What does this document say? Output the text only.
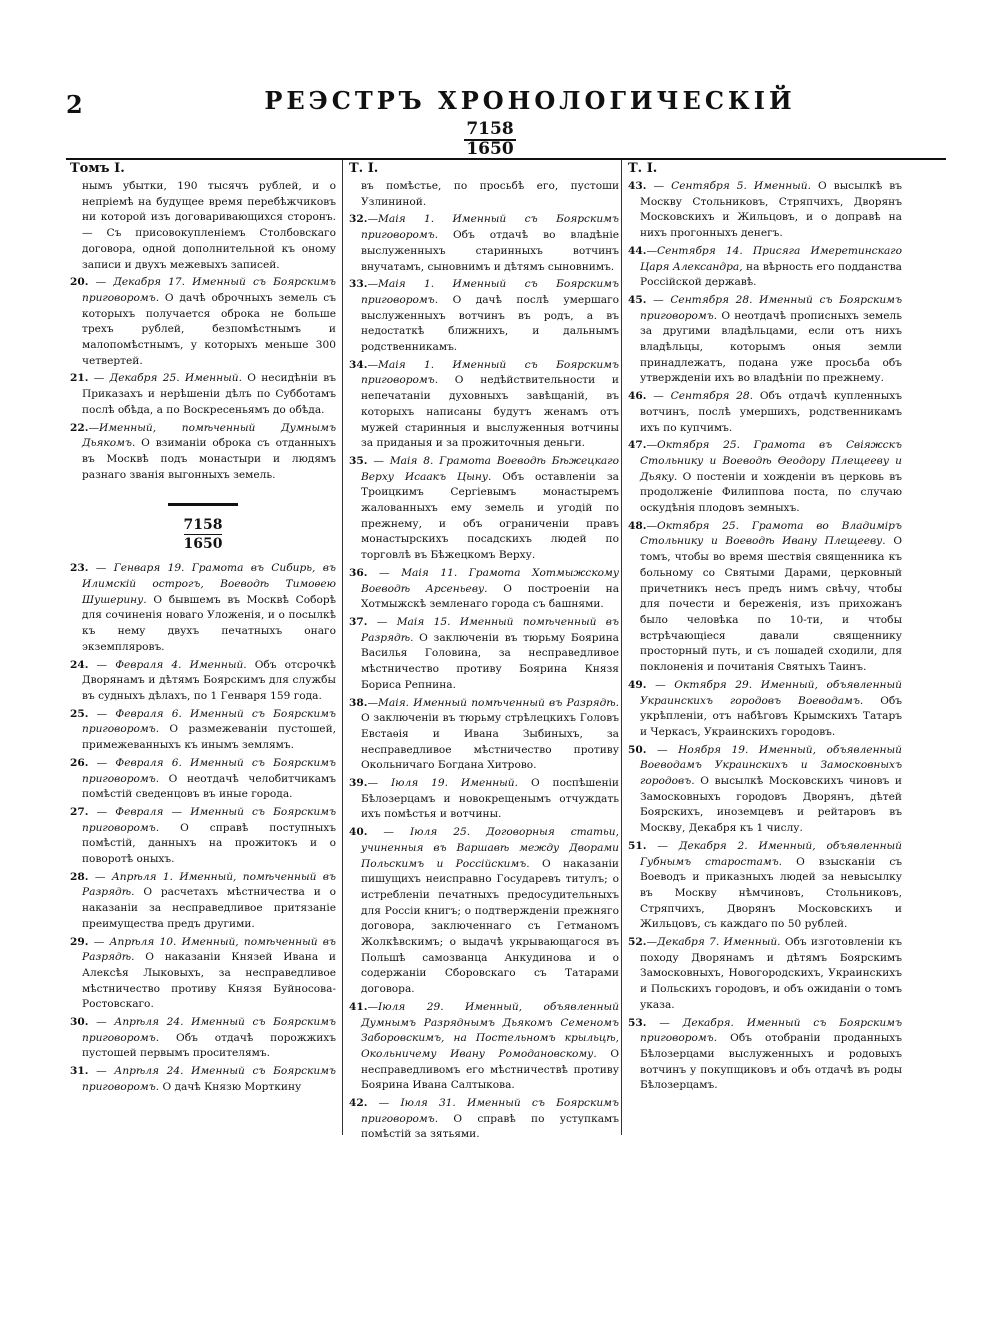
2	РЕЭСТРЪ ХРОНОЛОГИЧЕСКІЙ
7158
1650
Томъ I.

нымъ убытки, 190 тысячъ рублей, и о непріемѣ на будущее время перебѣжчиковъ ни которой изъ договаривающихся сторонъ. — Съ присовокупленіемъ Столбовскаго договора, одной дополнительной къ оному записи и двухъ межевыхъ записей.

20. — Декабря 17. Именный съ Боярскимъ приговоромъ. О дачѣ оброчныхъ земель съ которыхъ получается оброка не больше трехъ рублей, безпомѣстнымъ и малопомѣстнымъ, у которыхъ меньше 300 четвертей.

21. — Декабря 25. Именный. О несидѣніи въ Приказахъ и нерѣшеніи дѣлъ по Субботамъ послѣ обѣда, а по Воскресеньямъ до обѣда.

22.—Именный, помѣченный Думнымъ Дьякомъ. О взиманіи оброка съ отданныхъ въ Москвѣ подъ монастыри и людямъ разнаго званія выгонныхъ земель.

7158
1650

23. — Генваря 19. Грамота въ Сибирь, въ Илимскій острогъ, Воеводѣ Тимоѳею Шушерину. О бывшемъ въ Москвѣ Соборѣ для сочиненія новаго Уложенія, и о посылкѣ къ нему двухъ печатныхъ онаго экземпляровъ.

24. — Февраля 4. Именный. Объ отсрочкѣ Дворянамъ и дѣтямъ Боярскимъ для службы въ судныхъ дѣлахъ, по 1 Генваря 159 года.

25. — Февраля 6. Именный съ Боярскимъ приговоромъ. О размежеваніи пустошей, примежеванныхъ къ инымъ землямъ.

26. — Февраля 6. Именный съ Боярскимъ приговоромъ. О неотдачѣ челобитчикамъ помѣстій сведенцовъ въ иные города.

27. — Февраля — Именный съ Боярскимъ приговоромъ. О справѣ поступныхъ помѣстій, данныхъ на прожитокъ и о поворотѣ оныхъ.

28. — Апрѣля 1. Именный, помѣченный въ Разрядѣ. О расчетахъ мѣстничества и о наказаніи за несправедливое притязаніе преимущества предъ другими.

29. — Апрѣля 10. Именный, помѣченный въ Разрядѣ. О наказаніи Князей Ивана и Алексѣя Лыковыхъ, за несправедливое мѣстничество противу Князя Буйносова-Ростовскаго.

30. — Апрѣля 24. Именный съ Боярскимъ приговоромъ. Объ отдачѣ порожжихъ пустошей первымъ просителямъ.

31. — Апрѣля 24. Именный съ Боярскимъ приговоромъ. О дачѣ Князю Морткину

Т. I.

въ помѣстье, по просьбѣ его, пустоши Узлининой.

32.—Маія 1. Именный съ Боярскимъ приговоромъ. Объ отдачѣ во владѣніе выслуженныхъ старинныхъ вотчинъ внучатамъ, сыновнимъ и дѣтямъ сыновнимъ.

33.—Маія 1. Именный съ Боярскимъ приговоромъ. О дачѣ послѣ умершаго выслуженныхъ вотчинъ въ родъ, а въ недостаткѣ ближнихъ, и дальнымъ родственникамъ.

34.—Маія 1. Именный съ Боярскимъ приговоромъ. О недѣйствительности и непечатаніи духовныхъ завѣщаній, въ которыхъ написаны будутъ женамъ отъ мужей старинныя и выслуженныя вотчины за приданыя и за прожиточныя деньги.

35. — Маія 8. Грамота Воеводѣ Бѣжецкаго Верху Исаакъ Цыну. Объ оставленіи за Троицкимъ Сергіевымъ монастыремъ жалованныхъ ему земель и угодій по прежнему, и объ ограниченіи правъ монастырскихъ посадскихъ людей по торговлѣ въ Бѣжецкомъ Верху.

36. — Маія 11. Грамота Хотмыжскому Воеводѣ Арсеньеву. О построеніи на Хотмыжскѣ земленаго города съ башнями.

37. — Маія 15. Именный помѣченный въ Разрядѣ. О заключеніи въ тюрьму Боярина Василья Головина, за несправедливое мѣстничество противу Боярина Князя Бориса Репнина.

38.—Маія. Именный помѣченный въ Разрядѣ. О заключеніи въ тюрьму стрѣлецкихъ Головъ Евстаѳія и Ивана Зыбиныхъ, за несправедливое мѣстничество противу Окольничаго Богдана Хитрово.

39.— Іюля 19. Именный. О поспѣшеніи Бѣлозерцамъ и новокрещенымъ отчуждать ихъ помѣстья и вотчины.

40. — Іюля 25. Договорныя статьи, учиненныя въ Варшавѣ между Дворами Польскимъ и Россійскимъ. О наказаніи пишущихъ неисправно Государевъ титулъ; о истребленіи печатныхъ предосудительныхъ для Россіи книгъ; о подтвержденіи прежняго договора, заключеннаго съ Гетманомъ Жолкѣвскимъ; о выдачѣ укрывающагося въ Польшѣ самозванца Анкудинова и о содержаніи Сборовскаго съ Татарами договора.

41.—Іюля 29. Именный, объявленный Думнымъ Разряднымъ Дьякомъ Семеномъ Заборовскимъ, на Постельномъ крыльцѣ, Окольничему Ивану Ромодановскому. О несправедливомъ его мѣстничествѣ противу Боярина Ивана Салтыкова.

42. — Іюля 31. Именный съ Боярскимъ приговоромъ. О справѣ по уступкамъ помѣстій за зятьями.

Т. I.

43. — Сентября 5. Именный. О высылкѣ въ Москву Стольниковъ, Стряпчихъ, Дворянъ Московскихъ и Жильцовъ, и о доправѣ на нихъ прогонныхъ денегъ.

44.—Сентября 14. Присяга Имеретинскаго Царя Александра, на вѣрность его подданства Россійской державѣ.

45. — Сентября 28. Именный съ Боярскимъ приговоромъ. О неотдачѣ прописныхъ земель за другими владѣльцами, если отъ нихъ владѣльцы, которымъ оныя земли принадлежатъ, подана уже просьба объ утвержденіи ихъ во владѣніи по прежнему.

46. — Сентября 28. Объ отдачѣ купленныхъ вотчинъ, послѣ умершихъ, родственникамъ ихъ по купчимъ.

47.—Октября 25. Грамота въ Свіяжскъ Стольнику и Воеводѣ Ѳеодору Плещееву и Дьяку. О постеніи и хожденіи въ церковь въ продолженіе Филиппова поста, по случаю оскудѣнія плодовъ земныхъ.

48.—Октября 25. Грамота во Владиміръ Стольнику и Воеводѣ Ивану Плещееву. О томъ, чтобы во время шествія священника къ больному со Святыми Дарами, церковный причетникъ несъ предъ нимъ свѣчу, чтобы для почести и береженія, изъ прихожанъ было человѣка по 10-ти, и чтобы встрѣчающіеся давали священнику просторный путь, и съ лошадей сходили, для поклоненія и почитанія Святыхъ Таинъ.

49. — Октября 29. Именный, объявленный Украинскихъ городовъ Воеводамъ. Объ укрѣпленіи, отъ набѣговъ Крымскихъ Татаръ и Черкасъ, Украинскихъ городовъ.

50. — Ноября 19. Именный, объявленный Воеводамъ Украинскихъ и Замосковныхъ городовъ. О высылкѣ Московскихъ чиновъ и Замосковныхъ городовъ Дворянъ, дѣтей Боярскихъ, иноземцевъ и рейтаровъ въ Москву, Декабря къ 1 числу.

51. — Декабря 2. Именный, объявленный Губнымъ старостамъ. О взысканіи съ Воеводъ и приказныхъ людей за невысылку въ Москву нѣмчиновъ, Стольниковъ, Стряпчихъ, Дворянъ Московскихъ и Жильцовъ, съ каждаго по 50 рублей.

52.—Декабря 7. Именный. Объ изготовленіи къ походу Дворянамъ и дѣтямъ Боярскимъ Замосковныхъ, Новогородскихъ, Украинскихъ и Польскихъ городовъ, и объ ожиданіи о томъ указа.

53. — Декабря. Именный съ Боярскимъ приговоромъ. Объ отобраніи проданныхъ Бѣлозерцами выслуженныхъ и родовыхъ вотчинъ у покупщиковъ и объ отдачѣ въ роды Бѣлозерцамъ.
